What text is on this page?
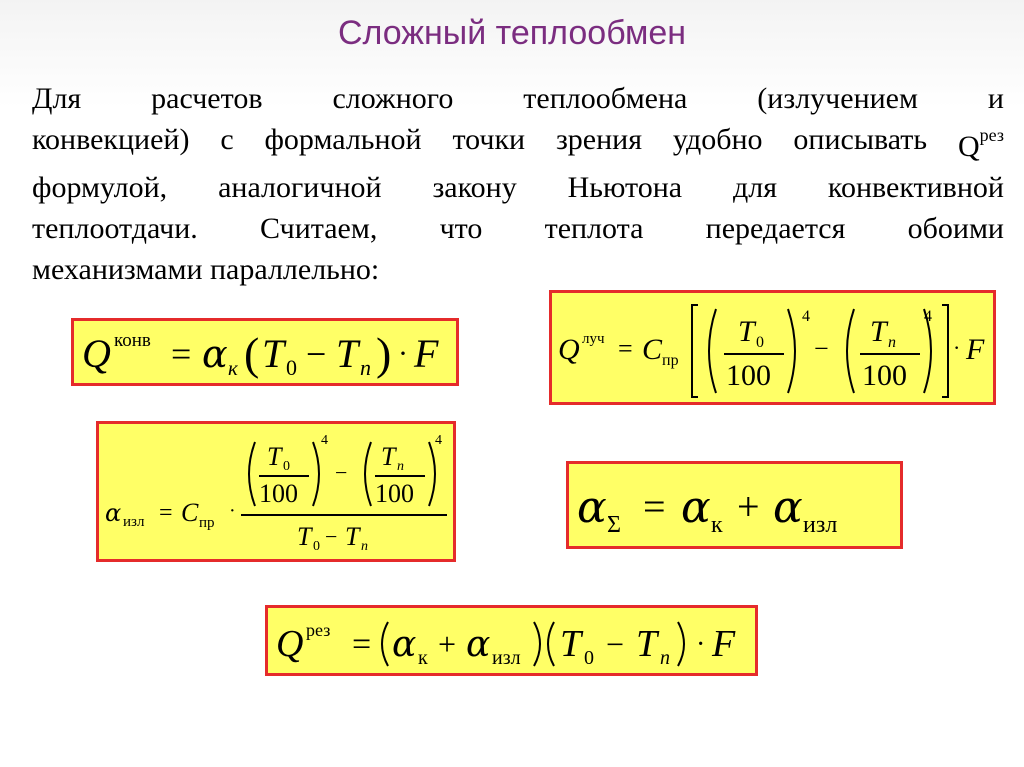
Сложный теплообмен
Для расчетов сложного теплообмена (излучением и
конвекцией) с формальной точки зрения удобно описывать $Q^{рез}$
формулой, аналогичной закону Ньютона для конвективной
теплоотдачи. Считаем, что теплота передается обоими
механизмами параллельно:
Q конв = α к ( T 0 − T n ) · F	Q луч = C пр
T 0
100
4
−
T n
100
4
· F
α изл = C пр
·
T 0
100
4
−
T n
100
4
T 0 − T n
α Σ = α к + α изл
Q рез = α к + α изл T 0 − T n · F
